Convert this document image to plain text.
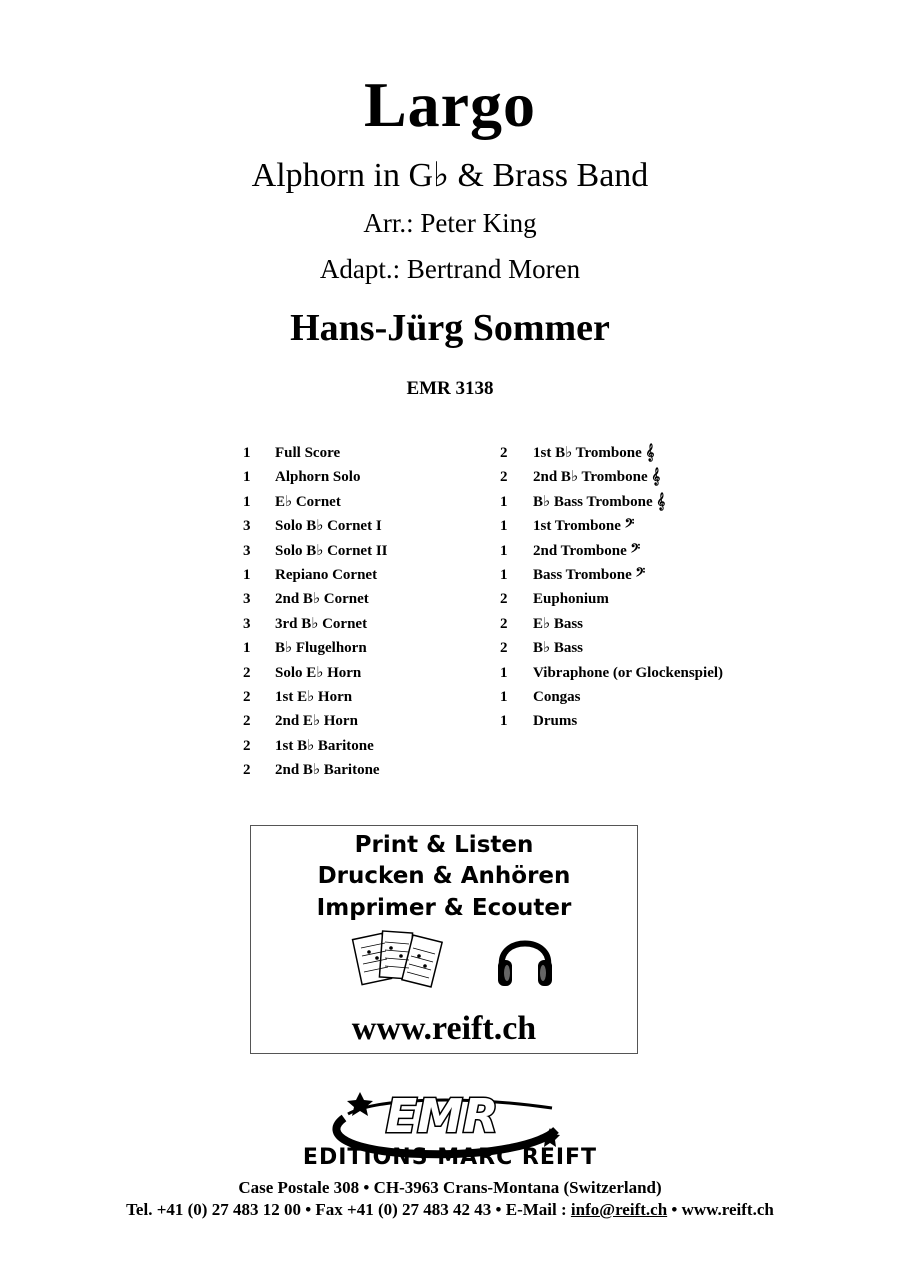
Largo
Alphorn in G♭ & Brass Band
Arr.: Peter King
Adapt.: Bertrand Moren
Hans-Jürg Sommer
EMR 3138
1 Full Score
1 Alphorn Solo
1 E♭ Cornet
3 Solo B♭ Cornet I
3 Solo B♭ Cornet II
1 Repiano Cornet
3 2nd B♭ Cornet
3 3rd B♭ Cornet
1 B♭ Flugelhorn
2 Solo E♭ Horn
2 1st E♭ Horn
2 2nd E♭ Horn
2 1st B♭ Baritone
2 2nd B♭ Baritone
2 1st B♭ Trombone 𝄞
2 2nd B♭ Trombone 𝄞
1 B♭ Bass Trombone 𝄞
1 1st Trombone 𝄢
1 2nd Trombone 𝄢
1 Bass Trombone 𝄢
2 Euphonium
2 E♭ Bass
2 B♭ Bass
1 Vibraphone (or Glockenspiel)
1 Congas
1 Drums
Print & Listen
Drucken & Anhören
Imprimer & Ecouter
www.reift.ch
EMR
EDITIONS MARC REIFT
Case Postale 308 • CH-3963 Crans-Montana (Switzerland)
Tel. +41 (0) 27 483 12 00 • Fax +41 (0) 27 483 42 43 • E-Mail : info@reift.ch • www.reift.ch
